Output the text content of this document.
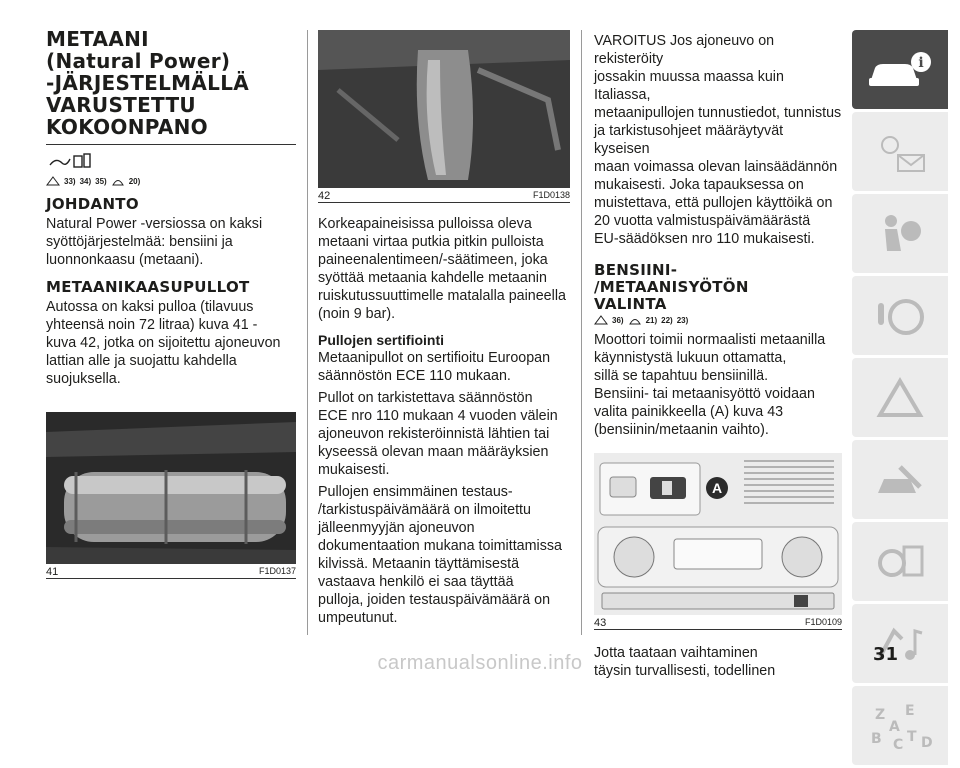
METAANI
(Natural Power)
-JÄRJESTELMÄLLÄ
VARUSTETTU
KOKOONPANO
33) 34) 35)	20)
JOHDANTO

Natural Power -versiossa on kaksi
syöttöjärjestelmää: bensiini ja
luonnonkaasu (metaani).

METAANIKAASUPULLOT

Autossa on kaksi pulloa (tilavuus
yhteensä noin 72 litraa) kuva 41 -
kuva 42, jotka on sijoitettu ajoneuvon
lattian alle ja suojattu kahdella
suojuksella.

41	F1D0137
42	F1D0138

Korkeapaineisissa pulloissa oleva
metaani virtaa putkia pitkin pulloista
paineenalentimeen/-säätimeen, joka
syöttää metaania kahdelle metaanin
ruiskutussuuttimelle matalalla paineella
(noin 9 bar).

Pullojen sertifiointi

Metaanipullot on sertifioitu Euroopan
säännöstön ECE 110 mukaan.

Pullot on tarkistettava säännöstön
ECE nro 110 mukaan 4 vuoden välein
ajoneuvon rekisteröinnistä lähtien tai
kyseessä olevan maan määräyksien
mukaisesti.

Pullojen ensimmäinen testaus-
/tarkistuspäivämäärä on ilmoitettu
jälleenmyyjän ajoneuvon
dokumentaation mukana toimittamissa
kilvissä. Metaanin täyttämisestä
vastaava henkilö ei saa täyttää
pulloja, joiden testauspäivämäärä on
umpeutunut.

VAROITUS Jos ajoneuvo on rekisteröity
jossakin muussa maassa kuin Italiassa,
metaanipullojen tunnustiedot, tunnistus
ja tarkistusohjeet määräytyvät kyseisen
maan voimassa olevan lainsäädännön
mukaisesti. Joka tapauksessa on
muistettava, että pullojen käyttöikä on
20 vuotta valmistuspäivämäärästä
EU-säädöksen nro 110 mukaisesti.

BENSIINI-
/METAANISYÖTÖN
VALINTA
36)	21) 22) 23)

Moottori toimii normaalisti metaanilla
käynnistystä lukuun ottamatta,
sillä se tapahtuu bensiinillä.
Bensiini- tai metaanisyöttö voidaan
valita painikkeella (A) kuva 43
(bensiinin/metaanin vaihto).

A
43	F1D0109

Jotta taataan vaihtaminen
täysin turvallisesti, todellinen

i
Z E
A
B C T D
31
carmanualsonline.info
